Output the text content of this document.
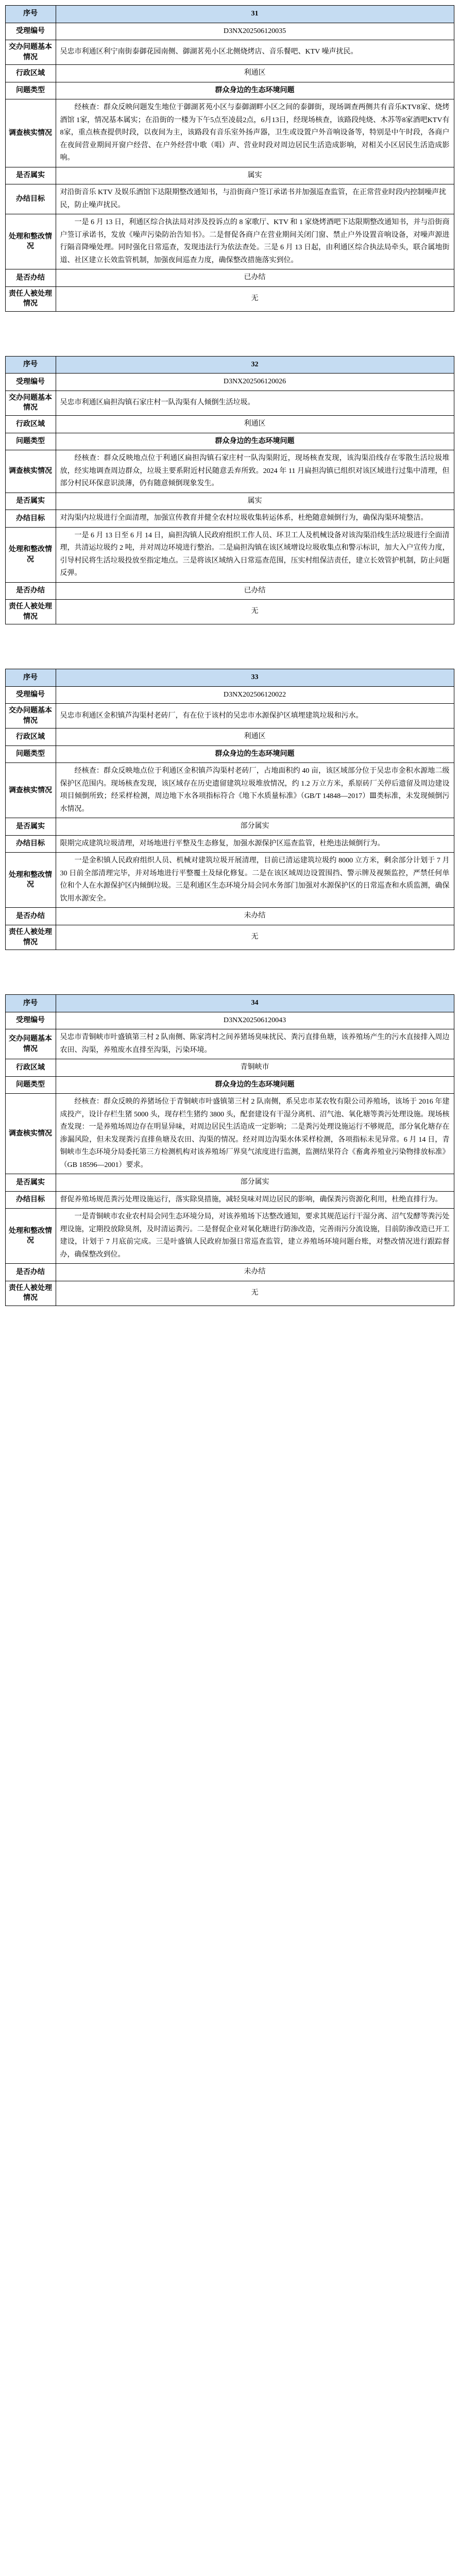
序号	31
受理编号	D3NX202506120035
交办问题基本情况	吴忠市利通区利宁南街泰御花园南侧、御湖茗苑小区北侧烧烤店、音乐餐吧、KTV 噪声扰民。
行政区域	利通区
问题类型	群众身边的生态环境问题
调查核实情况	经核查：群众反映问题发生地位于御湖茗苑小区与泰御湖畔小区之间的泰御街，现场调查两侧共有音乐KTV8家、烧烤酒馆 1家，情况基本属实；在沿街的一楼为下午5点至凌晨2点，6月13日，经现场核查，该路段纯烧、木苏等8家酒吧KTV有8家，重点核查提供时段，以夜间为主，该路段有音乐室外扬声器，卫生或设置户外音响设备等，特别是中午时段，各商户在夜间营业期间开窗户经营、在户外经营中歌（唱）声、营业时段对周边居民生活造成影响，对相关小区居民生活造成影响。

是否属实	属实
办结目标	对沿街音乐 KTV 及娱乐酒馆下达限期整改通知书，与沿街商户签订承诺书并加强巡查监管，在正常营业时段内控制噪声扰民，防止噪声扰民。
处理和整改情况	一是 6 月 13 日，利通区综合执法局对涉及投诉点的 8 家歌厅、KTV 和 1 家烧烤酒吧下达限期整改通知书，并与沿街商户签订承诺书，发放《噪声污染防治告知书》。二是督促各商户在营业期间关闭门窗、禁止户外设置音响设备，对噪声源进行隔音降噪处理。同时强化日常巡查，发现违法行为依法查处。三是 6 月 13 日起，由利通区综合执法局牵头，联合属地街道、社区建立长效监管机制，加强夜间巡查力度，确保整改措施落实到位。

是否办结	已办结
责任人被处理情况	无
序号	32
受理编号	D3NX202506120026
交办问题基本情况	吴忠市利通区扁担沟镇石家庄村一队沟渠有人倾倒生活垃圾。
行政区域	利通区
问题类型	群众身边的生态环境问题
调查核实情况	经核查：群众反映地点位于利通区扁担沟镇石家庄村一队沟渠附近，现场核查发现，该沟渠沿线存在零散生活垃圾堆放，经实地调查周边群众，垃圾主要系附近村民随意丢弃所致。2024 年 11 月扁担沟镇已组织对该区域进行过集中清理，但部分村民环保意识淡薄，仍有随意倾倒现象发生。

是否属实	属实
办结目标	对沟渠内垃圾进行全面清理，加强宣传教育并健全农村垃圾收集转运体系，杜绝随意倾倒行为，确保沟渠环境整洁。
处理和整改情况	一是 6 月 13 日至 6 月 14 日，扁担沟镇人民政府组织工作人员、环卫工人及机械设备对该沟渠沿线生活垃圾进行全面清理，共清运垃圾约 2 吨，并对周边环境进行整治。二是扁担沟镇在该区域增设垃圾收集点和警示标识，加大入户宣传力度，引导村民将生活垃圾投放至指定地点。三是将该区域纳入日常巡查范围，压实村组保洁责任，建立长效管护机制，防止问题反弹。

是否办结	已办结
责任人被处理情况	无
序号	33
受理编号	D3NX202506120022
交办问题基本情况	吴忠市利通区金积镇芦沟渠村老砖厂，有在位于该村的吴忠市水源保护区填埋建筑垃圾和污水。
行政区域	利通区
问题类型	群众身边的生态环境问题
调查核实情况	经核查：群众反映地点位于利通区金积镇芦沟渠村老砖厂，占地面积约 40 亩，该区域部分位于吴忠市金积水源地二级保护区范围内。现场核查发现，该区域存在历史遗留建筑垃圾堆放情况，约 1.2 万立方米，系原砖厂关停后遗留及周边建设项目倾倒所致；经采样检测，周边地下水各项指标符合《地下水质量标准》（GB/T 14848—2017）Ⅲ类标准，未发现倾倒污水情况。

是否属实	部分属实
办结目标	限期完成建筑垃圾清理，对场地进行平整及生态修复，加强水源保护区巡查监管，杜绝违法倾倒行为。
处理和整改情况	一是金积镇人民政府组织人员、机械对建筑垃圾开展清理，目前已清运建筑垃圾约 8000 立方米，剩余部分计划于 7 月 30 日前全部清理完毕，并对场地进行平整覆土及绿化修复。二是在该区域周边设置围挡、警示牌及视频监控，严禁任何单位和个人在水源保护区内倾倒垃圾。三是利通区生态环境分局会同水务部门加强对水源保护区的日常巡查和水质监测，确保饮用水源安全。

是否办结	未办结
责任人被处理情况	无
序号	34
受理编号	D3NX202506120043
交办问题基本情况	吴忠市青铜峡市叶盛镇第三村 2 队南侧、陈家湾村之间养猪场臭味扰民、粪污直排鱼塘，该养殖场产生的污水直接排入周边农田、沟渠，养殖废水直排至沟渠，污染环境。
行政区域	青铜峡市
问题类型	群众身边的生态环境问题
调查核实情况	经核查：群众反映的养猪场位于青铜峡市叶盛镇第三村 2 队南侧，系吴忠市某农牧有限公司养殖场，该场于 2016 年建成投产，设计存栏生猪 5000 头，现存栏生猪约 3800 头，配套建设有干湿分离机、沼气池、氧化塘等粪污处理设施。现场核查发现：一是养殖场周边存在明显异味，对周边居民生活造成一定影响；二是粪污处理设施运行不够规范，部分氧化塘存在渗漏风险，但未发现粪污直排鱼塘及农田、沟渠的情况。经对周边沟渠水体采样检测，各项指标未见异常。6 月 14 日，青铜峡市生态环境分局委托第三方检测机构对该养殖场厂界臭气浓度进行监测，监测结果符合《畜禽养殖业污染物排放标准》（GB 18596—2001）要求。

是否属实	部分属实
办结目标	督促养殖场规范粪污处理设施运行，落实除臭措施，减轻臭味对周边居民的影响，确保粪污资源化利用，杜绝直排行为。
处理和整改情况	一是青铜峡市农业农村局会同生态环境分局，对该养殖场下达整改通知，要求其规范运行干湿分离、沼气发酵等粪污处理设施，定期投放除臭剂，及时清运粪污。二是督促企业对氧化塘进行防渗改造，完善雨污分流设施，目前防渗改造已开工建设，计划于 7 月底前完成。三是叶盛镇人民政府加强日常巡查监管，建立养殖场环境问题台账，对整改情况进行跟踪督办，确保整改到位。

是否办结	未办结
责任人被处理情况	无
